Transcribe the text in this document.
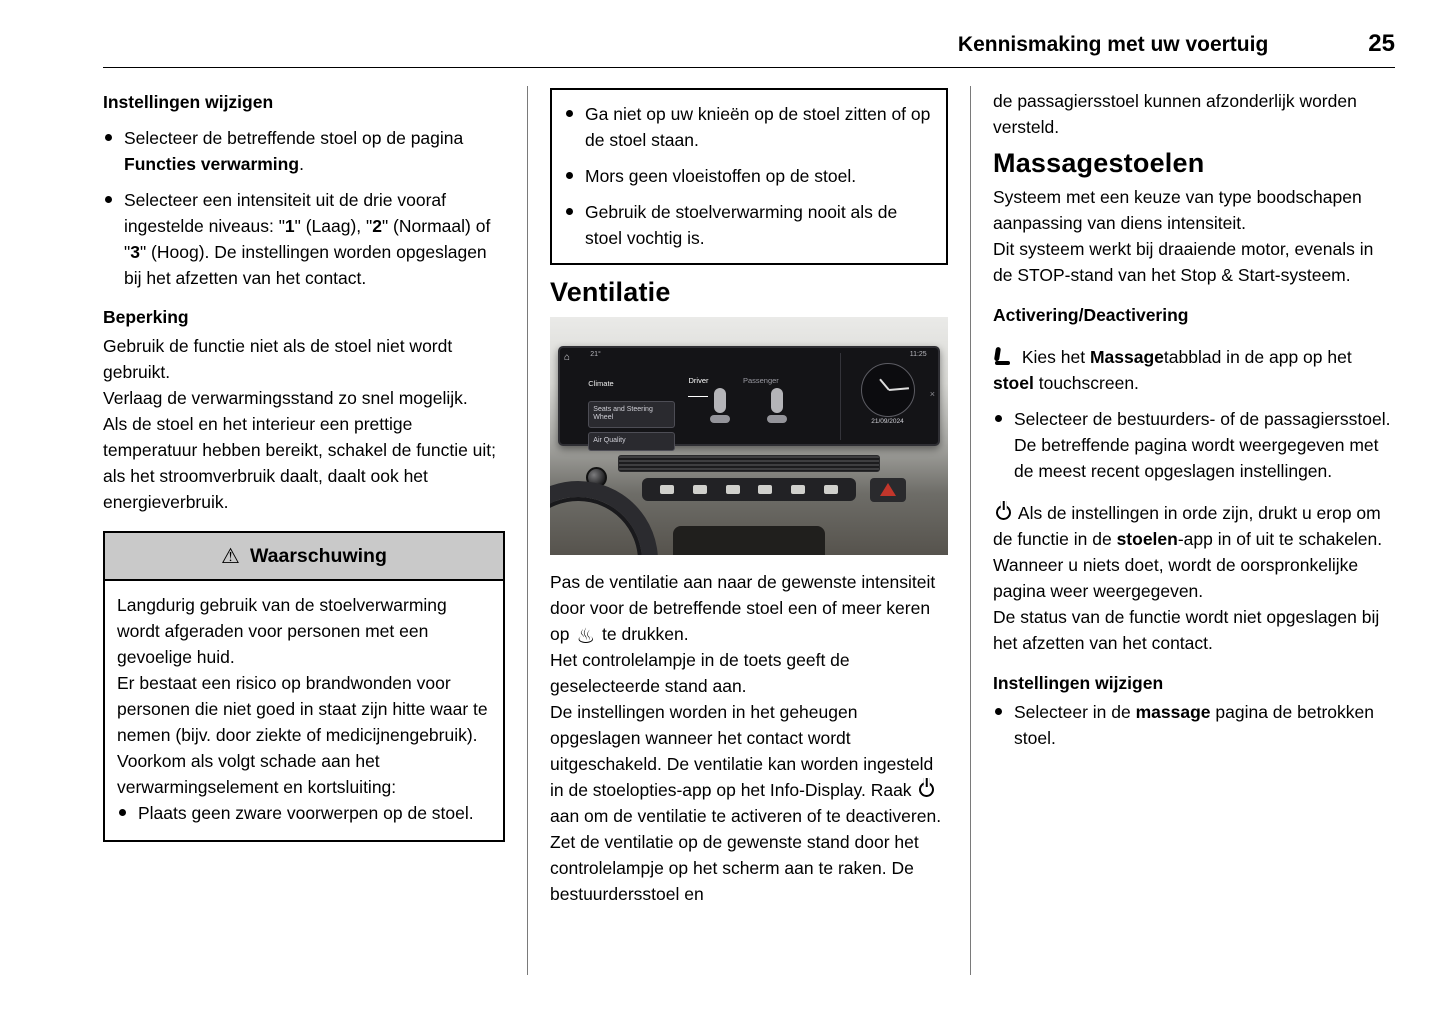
Kennismaking met uw voertuig	25
Instellingen wijzigen
Selecteer de betreffende stoel op de pagina Functies verwarming.
Selecteer een intensiteit uit de drie vooraf ingestelde niveaus: "1" (Laag), "2" (Normaal) of "3" (Hoog). De instellingen worden opgeslagen bij het afzetten van het contact.
Beperking

Gebruik de functie niet als de stoel niet wordt gebruikt.

Verlaag de verwarmingsstand zo snel mogelijk.

Als de stoel en het interieur een prettige temperatuur hebben bereikt, schakel de functie uit; als het stroomverbruik daalt, daalt ook het energieverbruik.

⚠ Waarschuwing

Langdurig gebruik van de stoelverwarming wordt afgeraden voor personen met een gevoelige huid.

Er bestaat een risico op brandwonden voor personen die niet goed in staat zijn hitte waar te nemen (bijv. door ziekte of medicijnengebruik).

Voorkom als volgt schade aan het verwarmingselement en kortsluiting:

Plaats geen zware voorwerpen op de stoel.
Ga niet op uw knieën op de stoel zitten of op de stoel staan.
Mors geen vloeistoffen op de stoel.
Gebruik de stoelverwarming nooit als de stoel vochtig is.
Ventilatie
⌂	21°	11:25
Climate
Seats and Steering Wheel
Air Quality
Driver	Passenger
21/09/2024
×

Pas de ventilatie aan naar de gewenste intensiteit door voor de betreffende stoel een of meer keren op ♨ te drukken.

Het controlelampje in de toets geeft de geselecteerde stand aan.

De instellingen worden in het geheugen opgeslagen wanneer het contact wordt uitgeschakeld. De ventilatie kan worden ingesteld in de stoelopties-app op het Info-Display. Raak  aan om de ventilatie te activeren of te deactiveren. Zet de ventilatie op de gewenste stand door het controlelampje op het scherm aan te raken. De bestuurdersstoel en

de passagiersstoel kunnen afzonderlijk worden versteld.

Massagestoelen

Systeem met een keuze van type boodschapen aanpassing van diens intensiteit.

Dit systeem werkt bij draaiende motor, evenals in de STOP-stand van het Stop & Start-systeem.

Activering/Deactivering

Kies het Massagetabblad in de app op het stoel touchscreen.

Selecteer de bestuurders- of de passagiersstoel. De betreffende pagina wordt weergegeven met de meest recent opgeslagen instellingen.

Als de instellingen in orde zijn, drukt u erop om de functie in de stoelen-app in of uit te schakelen.

Wanneer u niets doet, wordt de oorspronkelijke pagina weer weergegeven.

De status van de functie wordt niet opgeslagen bij het afzetten van het contact.

Instellingen wijzigen
Selecteer in de massage pagina de betrokken stoel.
